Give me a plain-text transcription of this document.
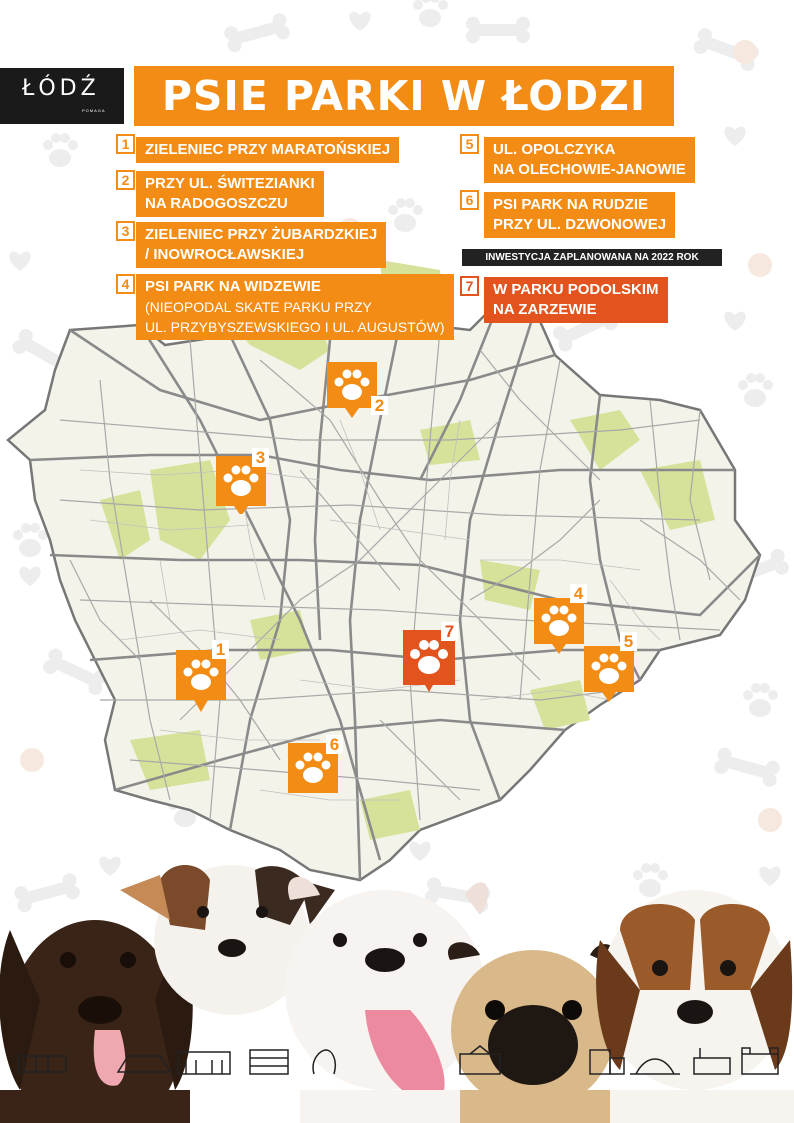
ŁÓDŹ
POMAGA	PSIE PARKI W ŁODZI
1	ZIELENIEC PRZY MARATOŃSKIEJ
2	PRZY UL. ŚWITEZIANKI
NA RADOGOSZCZU
3	ZIELENIEC PRZY ŻUBARDZKIEJ
/ INOWROCŁAWSKIEJ
4	PSI PARK NA WIDZEWIE
(NIEOPODAL SKATE PARKU PRZY
UL. PRZYBYSZEWSKIEGO I UL. AUGUSTÓW)
5	UL. OPOLCZYKA
NA OLECHOWIE-JANOWIE
6	PSI PARK NA RUDZIE
PRZY UL. DZWONOWEJ
INWESTYCJA ZAPLANOWANA NA 2022 ROK
7	W PARKU PODOLSKIM
NA ZARZEWIE
2
3
1
6
7
4
5
